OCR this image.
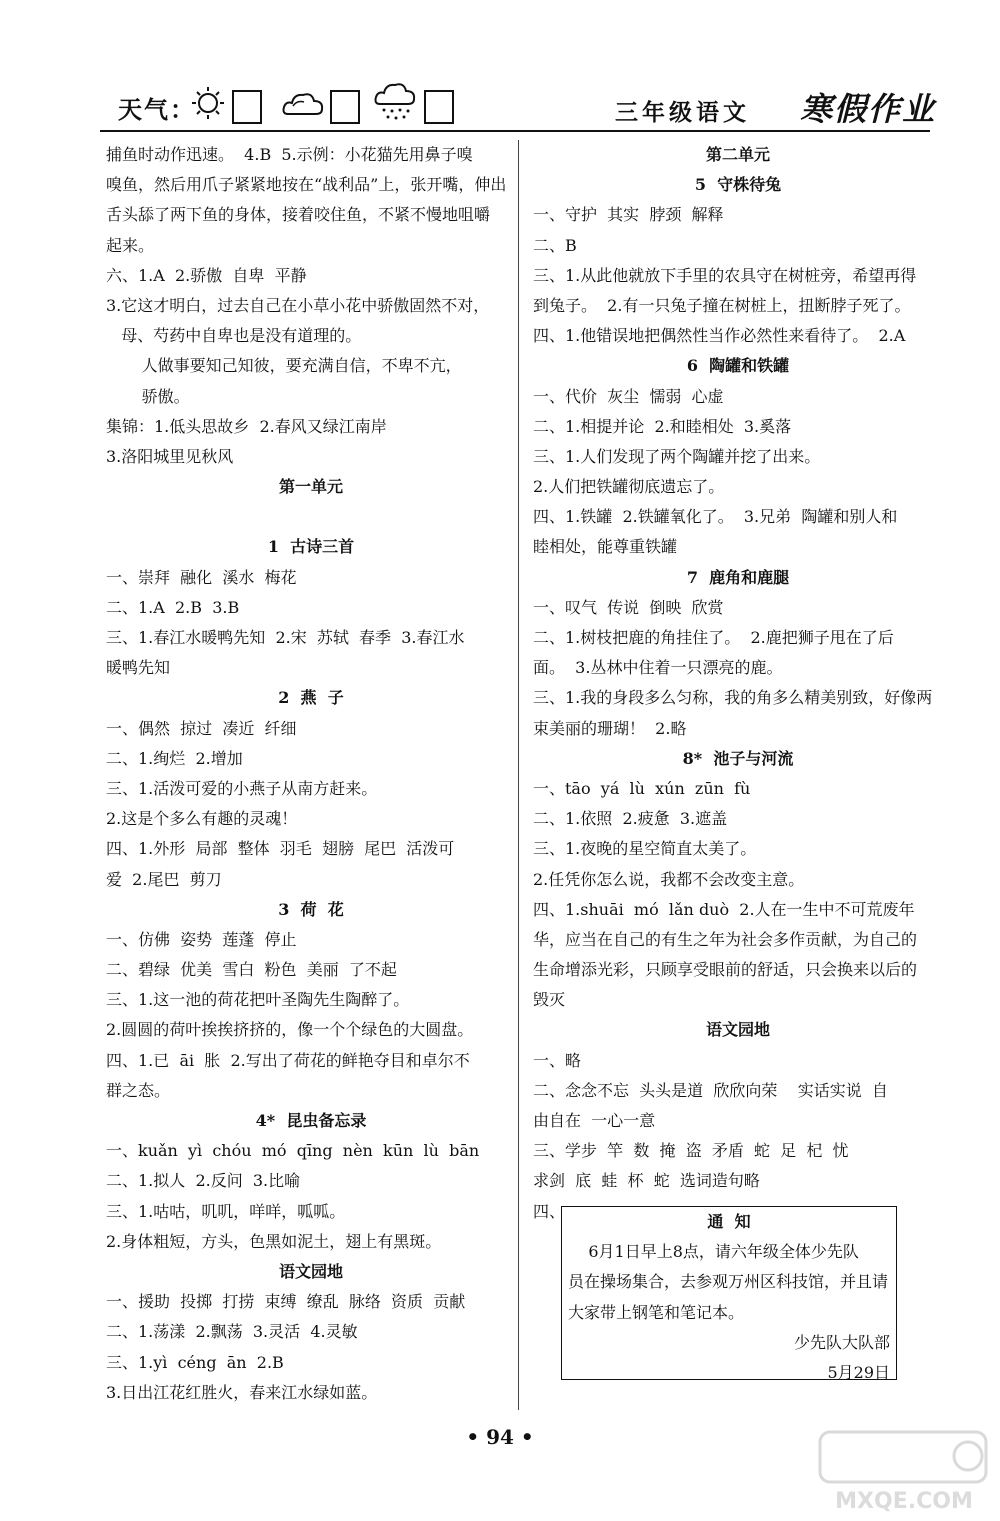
天气：	三年级语文 寒假作业
捕鱼时动作迅速。  4.B  5.示例：小花猫先用鼻子嗅
嗅鱼，然后用爪子紧紧地按在“战利品”上，张开嘴，伸出
舌头舔了两下鱼的身体，接着咬住鱼，不紧不慢地咀嚼
起来。
六、1.A  2.骄傲  自卑  平静
3.它这才明白，过去自己在小草小花中骄傲固然不对，
母、芍药中自卑也是没有道理的。
人做事要知己知彼，要充满自信，不卑不亢，
骄傲。
集锦：1.低头思故乡  2.春风又绿江南岸
3.洛阳城里见秋风
第一单元
1  古诗三首
一、崇拜  融化  溪水  梅花
二、1.A  2.B  3.B
三、1.春江水暖鸭先知  2.宋  苏轼  春季  3.春江水
暖鸭先知
2  燕  子
一、偶然  掠过  凑近  纤细
二、1.绚烂  2.增加
三、1.活泼可爱的小燕子从南方赶来。
2.这是个多么有趣的灵魂！
四、1.外形  局部  整体  羽毛  翅膀  尾巴  活泼可
爱  2.尾巴  剪刀
3  荷  花
一、仿佛  姿势  莲蓬  停止
二、碧绿  优美  雪白  粉色  美丽  了不起
三、1.这一池的荷花把叶圣陶先生陶醉了。
2.圆圆的荷叶挨挨挤挤的，像一个个绿色的大圆盘。
四、1.已  āi  胀  2.写出了荷花的鲜艳夺目和卓尔不
群之态。
4*  昆虫备忘录
一、kuǎn  yì  chóu  mó  qīng  nèn  kūn  lù  bān
二、1.拟人  2.反问  3.比喻
三、1.咕咕，叽叽，咩咩，呱呱。
2.身体粗短，方头，色黑如泥土，翅上有黑斑。
语文园地
一、援助  投掷  打捞  束缚  缭乱  脉络  资质  贡献
二、1.荡漾  2.飘荡  3.灵活  4.灵敏
三、1.yì  céng  ān  2.B
3.日出江花红胜火，春来江水绿如蓝。
第二单元
5  守株待兔
一、守护  其实  脖颈  解释
二、B
三、1.从此他就放下手里的农具守在树桩旁，希望再得
到兔子。  2.有一只兔子撞在树桩上，扭断脖子死了。
四、1.他错误地把偶然性当作必然性来看待了。  2.A
6  陶罐和铁罐
一、代价  灰尘  懦弱  心虚
二、1.相提并论  2.和睦相处  3.奚落
三、1.人们发现了两个陶罐并挖了出来。
2.人们把铁罐彻底遗忘了。
四、1.铁罐  2.铁罐氧化了。  3.兄弟  陶罐和别人和
睦相处，能尊重铁罐
7  鹿角和鹿腿
一、叹气  传说  倒映  欣赏
二、1.树枝把鹿的角挂住了。  2.鹿把狮子甩在了后
面。  3.丛林中住着一只漂亮的鹿。
三、1.我的身段多么匀称，我的角多么精美别致，好像两
束美丽的珊瑚！  2.略
8*  池子与河流
一、tāo  yá  lù  xún  zūn  fù
二、1.依照  2.疲惫  3.遮盖
三、1.夜晚的星空简直太美了。
2.任凭你怎么说，我都不会改变主意。
四、1.shuāi  mó  lǎn duò  2.人在一生中不可荒废年
华，应当在自己的有生之年为社会多作贡献，为自己的
生命增添光彩，只顾享受眼前的舒适，只会换来以后的
毁灭
语文园地
一、略
二、念念不忘  头头是道  欣欣向荣    实话实说  自
由自在  一心一意
三、学步  竿  数  掩  盗  矛盾  蛇  足  杞  忧
求剑  底  蛙  杯  蛇  选词造句略
四、
通  知
6月1日早上8点，请六年级全体少先队
员在操场集合，去参观万州区科技馆，并且请
大家带上钢笔和笔记本。
少先队大队部
5月29日
• 94 •
MXQE.COM
